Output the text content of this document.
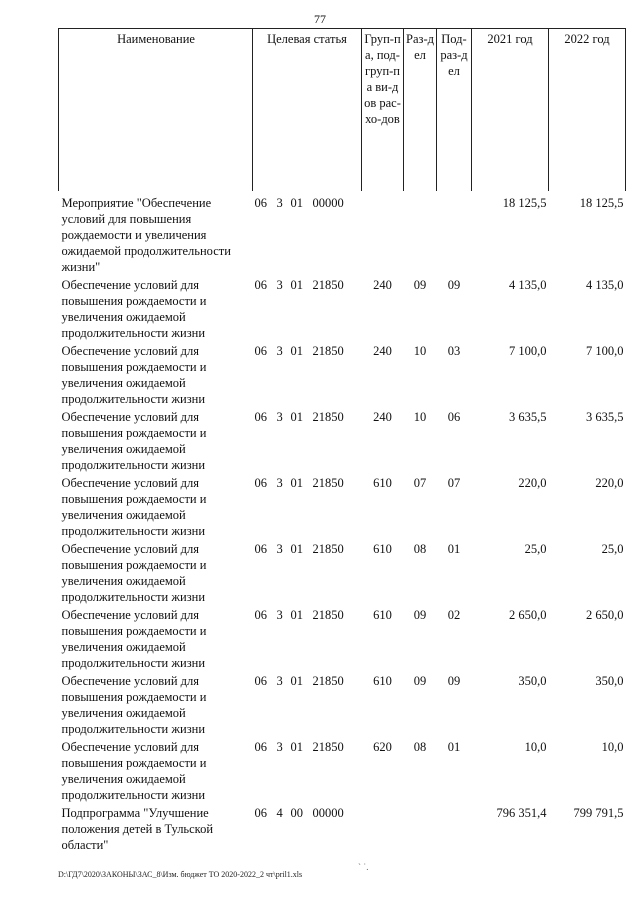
77
Наименование	Целевая статья	Груп-па, под-груп-па ви-дов рас-хо-дов	Раз-дел	Под-раз-дел	2021 год	2022 год
Мероприятие "Обеспечение условий для повышения рождаемости и увеличения ожидаемой продолжительности жизни"	06 3 01 00000				18 125,5	18 125,5
Обеспечение условий для повышения рождаемости и увеличения ожидаемой продолжительности жизни	06 3 01 21850	240	09	09	4 135,0	4 135,0
Обеспечение условий для повышения рождаемости и увеличения ожидаемой продолжительности жизни	06 3 01 21850	240	10	03	7 100,0	7 100,0
Обеспечение условий для повышения рождаемости и увеличения ожидаемой продолжительности жизни	06 3 01 21850	240	10	06	3 635,5	3 635,5
Обеспечение условий для повышения рождаемости и увеличения ожидаемой продолжительности жизни	06 3 01 21850	610	07	07	220,0	220,0
Обеспечение условий для повышения рождаемости и увеличения ожидаемой продолжительности жизни	06 3 01 21850	610	08	01	25,0	25,0
Обеспечение условий для повышения рождаемости и увеличения ожидаемой продолжительности жизни	06 3 01 21850	610	09	02	2 650,0	2 650,0
Обеспечение условий для повышения рождаемости и увеличения ожидаемой продолжительности жизни	06 3 01 21850	610	09	09	350,0	350,0
Обеспечение условий для повышения рождаемости и увеличения ожидаемой продолжительности жизни	06 3 01 21850	620	08	01	10,0	10,0
Подпрограмма "Улучшение положения детей в Тульской области"	06 4 00 00000				796 351,4	799 791,5
` ˙.
D:\ГД7\2020\ЗАКОНЫ\ЗАС_8\Изм. бюджет ТО 2020-2022_2 чт\pril1.xls
